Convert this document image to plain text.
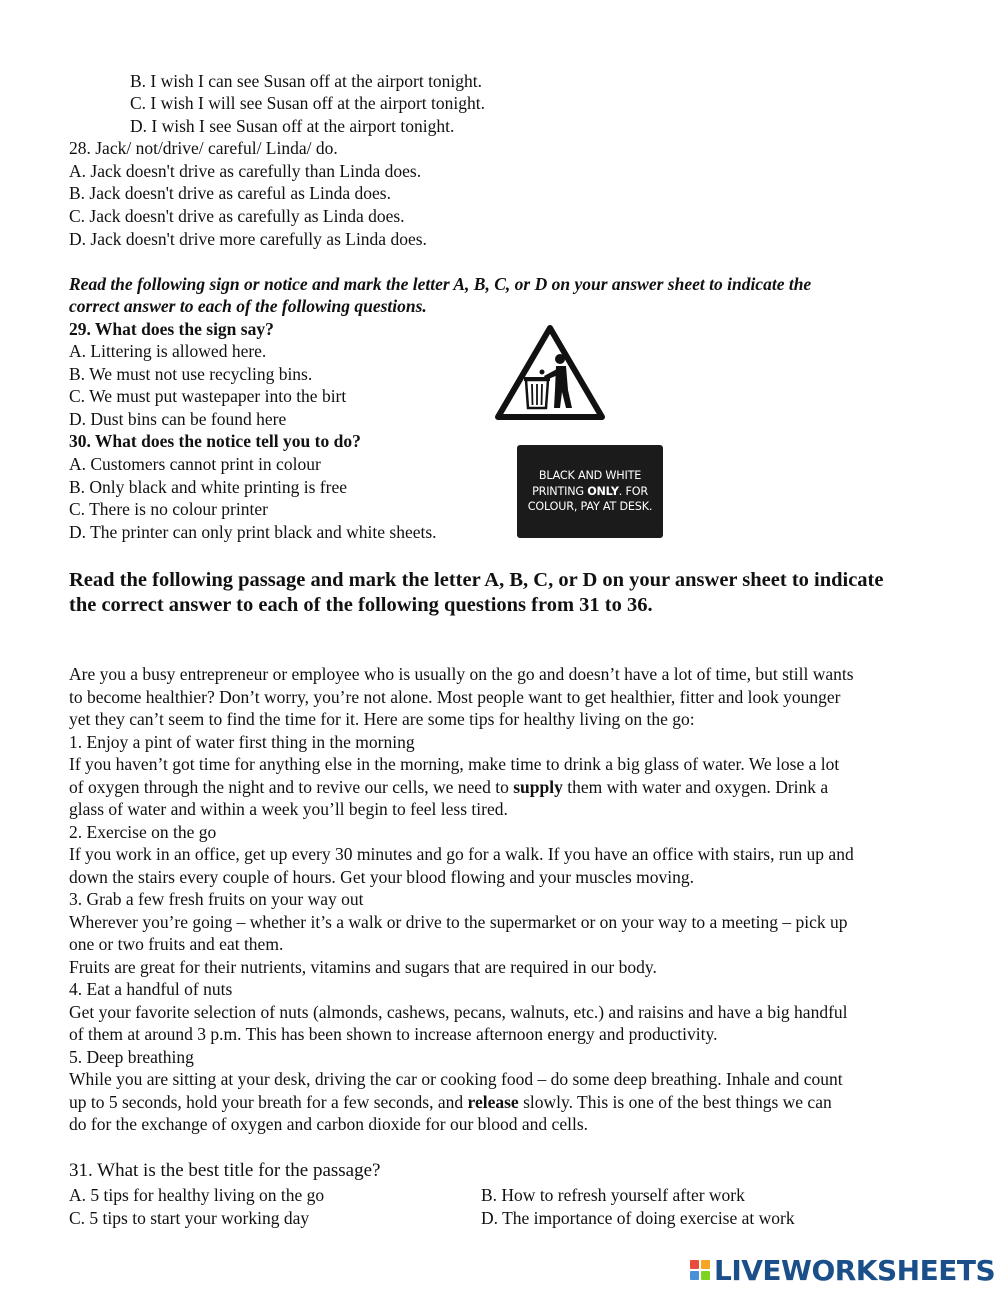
B. I wish I can see Susan off at the airport tonight.
C. I wish I will see Susan off at the airport tonight.
D. I wish I see Susan off at the airport tonight.
28. Jack/ not/drive/ careful/ Linda/ do.
A. Jack doesn't drive as carefully than Linda does.
B. Jack doesn't drive as careful as Linda does.
C. Jack doesn't drive as carefully as Linda does.
D. Jack doesn't drive more carefully as Linda does.
Read the following sign or notice and mark the letter A, B, C, or D on your answer sheet to indicate the
correct answer to each of the following questions.
29. What does the sign say?
A. Littering is allowed here.
B. We must not use recycling bins.
C. We must put wastepaper into the birt
D. Dust bins can be found here
30. What does the notice tell you to do?
A. Customers cannot print in colour
B. Only black and white printing is free
C. There is no colour printer
D. The printer can only print black and white sheets.
BLACK AND WHITE
PRINTING ONLY. FOR
COLOUR, PAY AT DESK.
Read the following passage and mark the letter A, B, C, or D on your answer sheet to indicate
the correct answer to each of the following questions from 31 to 36.
Are you a busy entrepreneur or employee who is usually on the go and doesn’t have a lot of time, but still wants
to become healthier? Don’t worry, you’re not alone. Most people want to get healthier, fitter and look younger
yet they can’t seem to find the time for it. Here are some tips for healthy living on the go:
1. Enjoy a pint of water first thing in the morning
If you haven’t got time for anything else in the morning, make time to drink a big glass of water. We lose a lot
of oxygen through the night and to revive our cells, we need to supply them with water and oxygen. Drink a
glass of water and within a week you’ll begin to feel less tired.
2. Exercise on the go
If you work in an office, get up every 30 minutes and go for a walk. If you have an office with stairs, run up and
down the stairs every couple of hours. Get your blood flowing and your muscles moving.
3. Grab a few fresh fruits on your way out
Wherever you’re going – whether it’s a walk or drive to the supermarket or on your way to a meeting – pick up
one or two fruits and eat them.
Fruits are great for their nutrients, vitamins and sugars that are required in our body.
4. Eat a handful of nuts
Get your favorite selection of nuts (almonds, cashews, pecans, walnuts, etc.) and raisins and have a big handful
of them at around 3 p.m. This has been shown to increase afternoon energy and productivity.
5. Deep breathing
While you are sitting at your desk, driving the car or cooking food – do some deep breathing. Inhale and count
up to 5 seconds, hold your breath for a few seconds, and release slowly. This is one of the best things we can
do for the exchange of oxygen and carbon dioxide for our blood and cells.
31. What is the best title for the passage?
A. 5 tips for healthy living on the go	B. How to refresh yourself after work
C. 5 tips to start your working day	D. The importance of doing exercise at work
LIVEWORKSHEETS
